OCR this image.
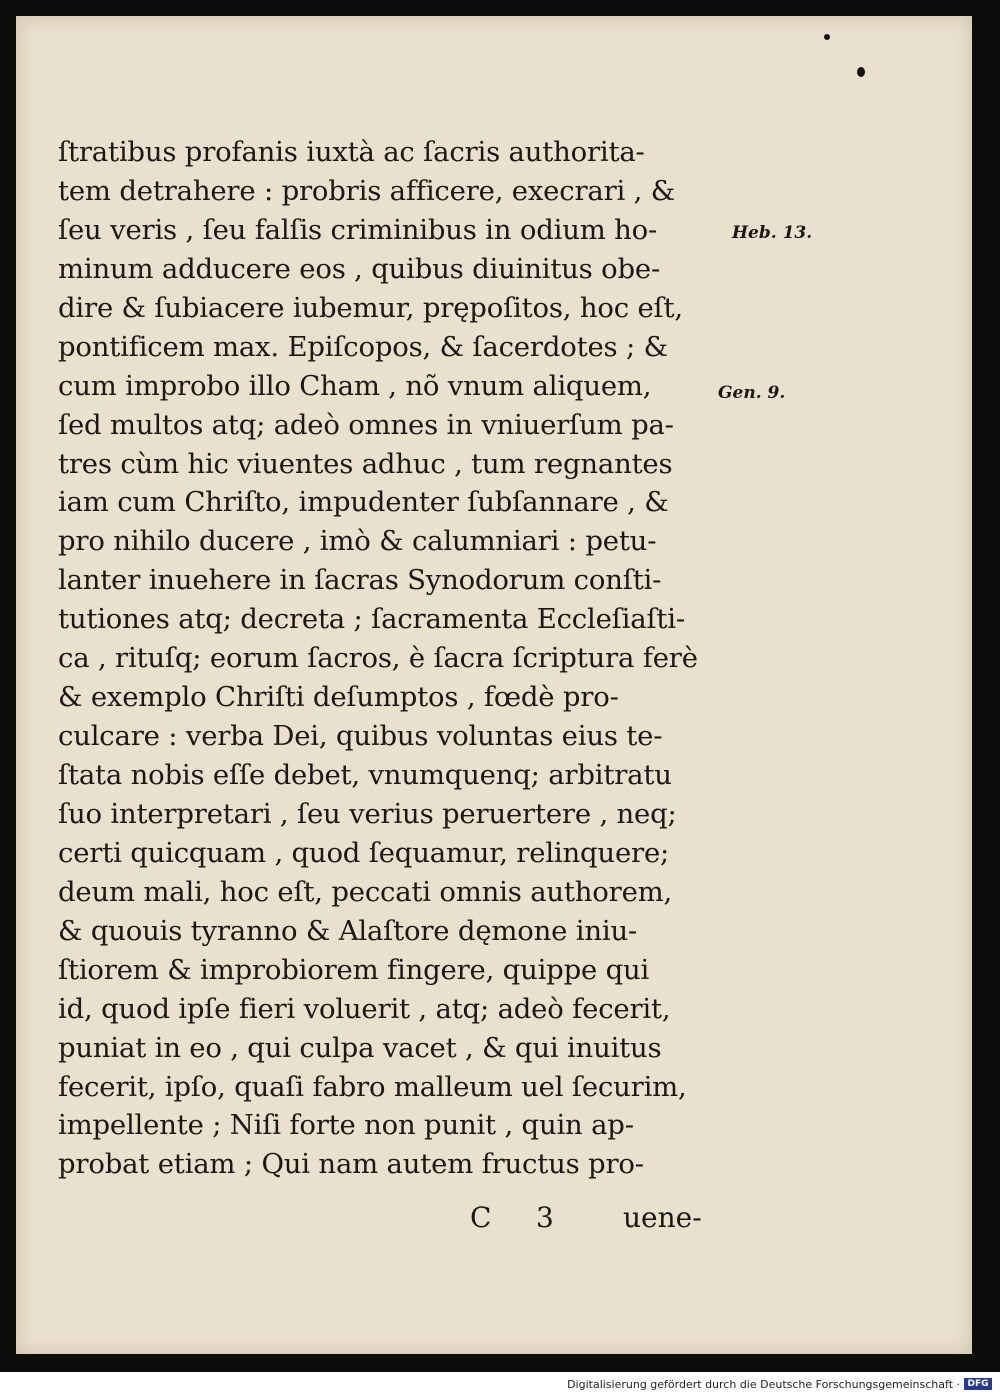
ſtratibus profanis iuxtà ac ſacris authorita-
tem detrahere : probris afficere, execrari , &
ſeu veris , ſeu falſis criminibus in odium ho-
minum adducere eos , quibus diuinitus obe-
dire & ſubiacere iubemur, prępoſitos, hoc eſt,
pontificem max. Epiſcopos, & ſacerdotes ; &
cum improbo illo Cham , nõ vnum aliquem,
ſed multos atq; adeò omnes in vniuerſum pa-
tres cùm hic viuentes adhuc , tum regnantes
iam cum Chriſto, impudenter ſubſannare , &
pro nihilo ducere , imò & calumniari : petu-
lanter inuehere in ſacras Synodorum conſti-
tutiones atq; decreta ; ſacramenta Eccleſiaſti-
ca , rituſq; eorum ſacros, è ſacra ſcriptura ferè
& exemplo Chriſti deſumptos , fœdè pro-
culcare : verba Dei, quibus voluntas eius te-
ſtata nobis eſſe debet, vnumquenq; arbitratu
ſuo interpretari , ſeu verius peruertere , neq;
certi quicquam , quod ſequamur, relinquere;
deum mali, hoc eſt, peccati omnis authorem,
& quouis tyranno & Alaſtore dęmone iniu-
ſtiorem & improbiorem fingere, quippe qui
id, quod ipſe fieri voluerit , atq; adeò fecerit,
puniat in eo , qui culpa vacet , & qui inuitus
fecerit, ipſo, quaſi fabro malleum uel ſecurim,
impellente ; Niſi forte non punit , quin ap-
probat etiam ; Qui nam autem fructus pro-
Heb. 13.
Gen. 9.
C 3 uene-
Digitalisierung gefördert durch die Deutsche Forschungsgemeinschaft · DFG
